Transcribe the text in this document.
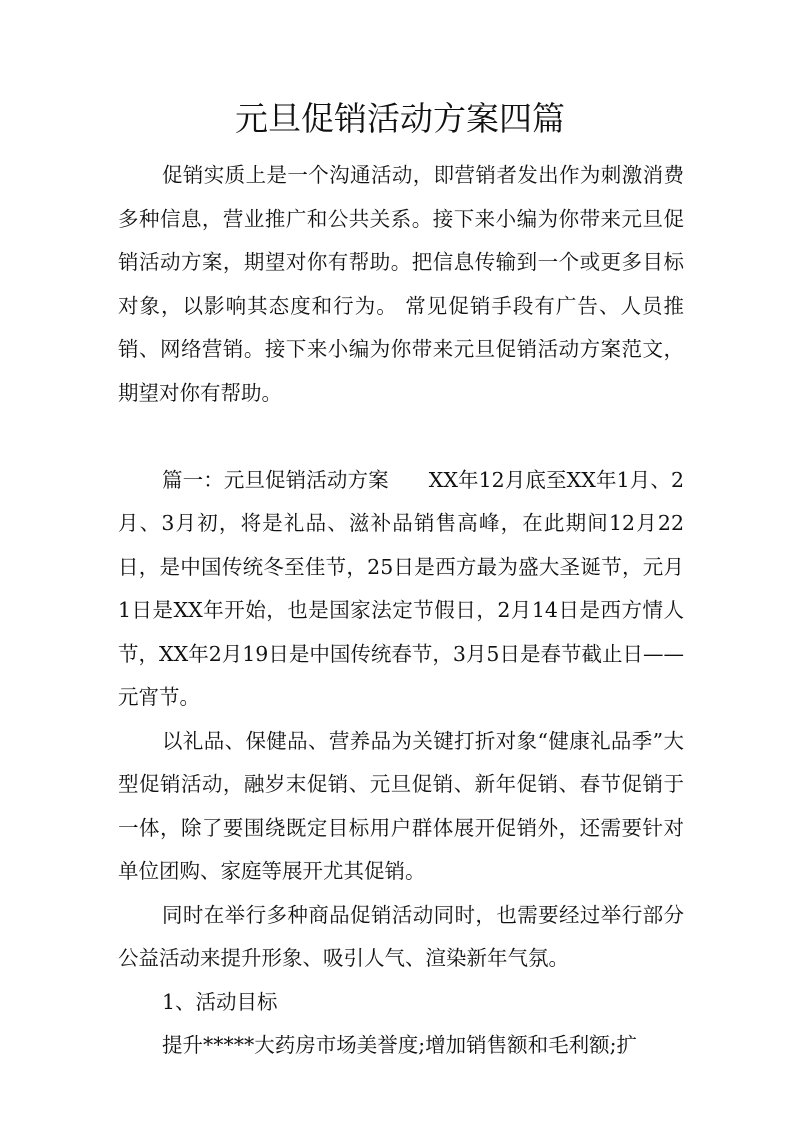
元旦促销活动方案四篇

促销实质上是一个沟通活动，即营销者发出作为刺激消费多种信息，营业推广和公共关系。接下来小编为你带来元旦促销活动方案，期望对你有帮助。把信息传输到一个或更多目标对象，以影响其态度和行为。 常见促销手段有广告、人员推销、网络营销。接下来小编为你带来元旦促销活动方案范文，期望对你有帮助。

篇一：元旦促销活动方案 XX年12月底至XX年1月、2月、3月初，将是礼品、滋补品销售高峰，在此期间12月22日，是中国传统冬至佳节，25日是西方最为盛大圣诞节，元月1日是XX年开始，也是国家法定节假日，2月14日是西方情人节，XX年2月19日是中国传统春节，3月5日是春节截止日——元宵节。

以礼品、保健品、营养品为关键打折对象“健康礼品季”大型促销活动，融岁末促销、元旦促销、新年促销、春节促销于一体，除了要围绕既定目标用户群体展开促销外，还需要针对单位团购、家庭等展开尤其促销。

同时在举行多种商品促销活动同时，也需要经过举行部分公益活动来提升形象、吸引人气、渲染新年气氛。

1、活动目标

提升*****大药房市场美誉度;增加销售额和毛利额;扩
